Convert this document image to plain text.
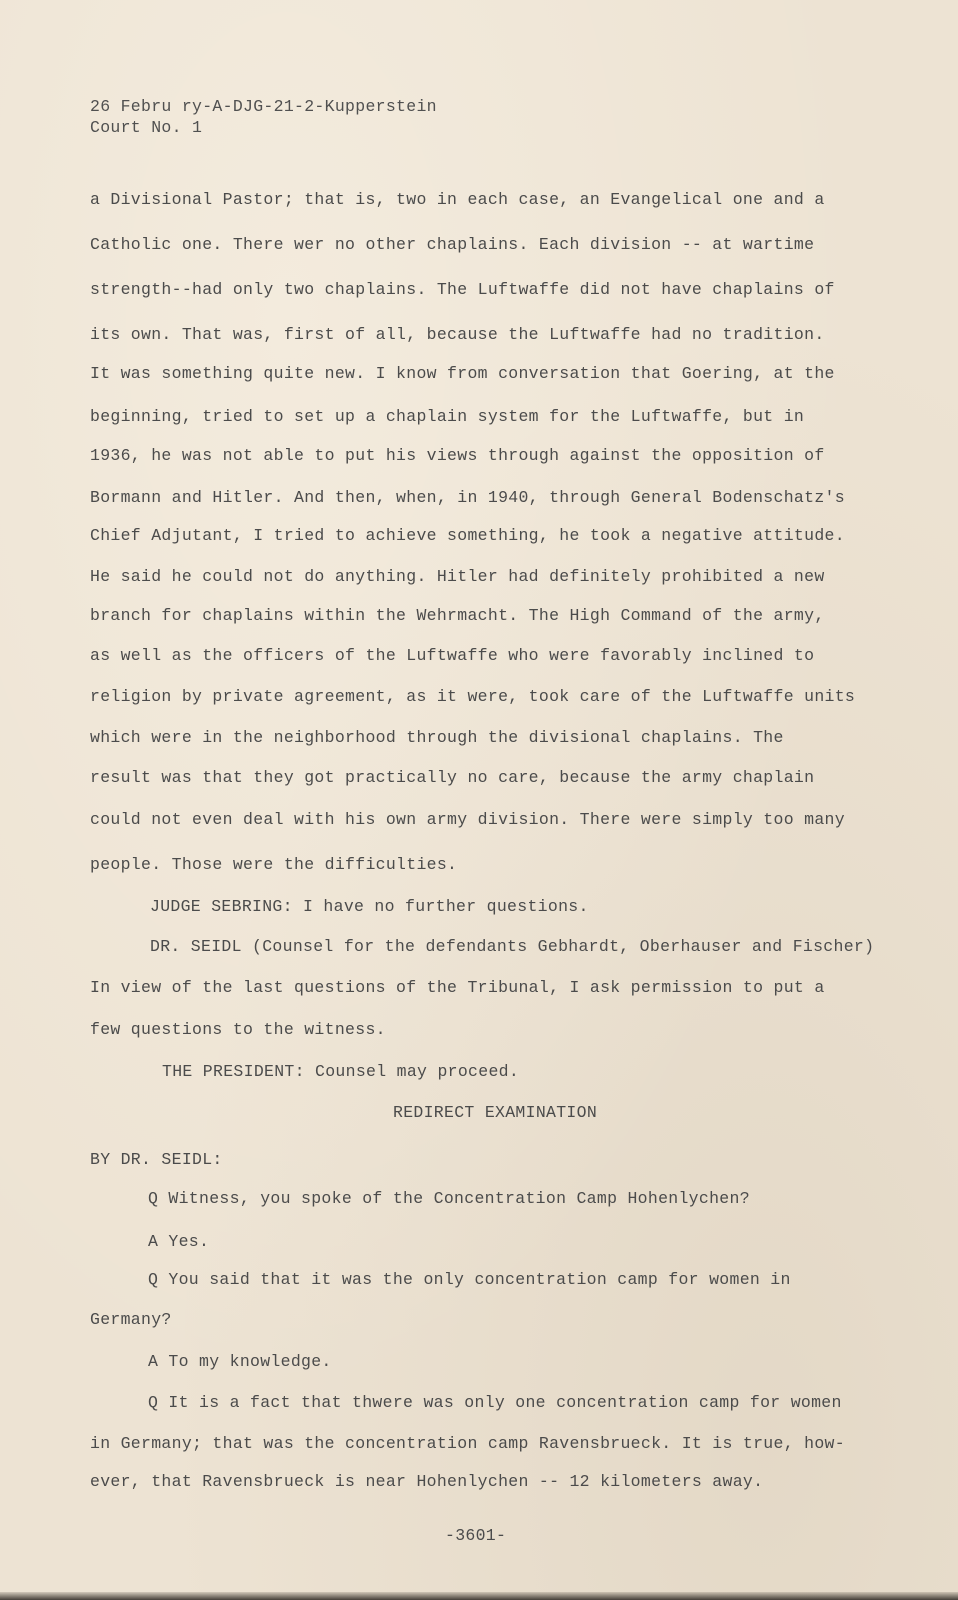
26 Febru ry-A-DJG-21-2-Kupperstein
Court No. 1
a Divisional Pastor; that is, two in each case, an Evangelical one and a
Catholic one. There wer no other chaplains. Each division -- at wartime
strength--had only two chaplains. The Luftwaffe did not have chaplains of
its own. That was, first of all, because the Luftwaffe had no tradition.
It was something quite new. I know from conversation that Goering, at the
beginning, tried to set up a chaplain system for the Luftwaffe, but in
1936, he was not able to put his views through against the opposition of
Bormann and Hitler. And then, when, in 1940, through General Bodenschatz's
Chief Adjutant, I tried to achieve something, he took a negative attitude.
He said he could not do anything. Hitler had definitely prohibited a new
branch for chaplains within the Wehrmacht. The High Command of the army,
as well as the officers of the Luftwaffe who were favorably inclined to
religion by private agreement, as it were, took care of the Luftwaffe units
which were in the neighborhood through the divisional chaplains. The
result was that they got practically no care, because the army chaplain
could not even deal with his own army division. There were simply too many
people. Those were the difficulties.
JUDGE SEBRING: I have no further questions.
DR. SEIDL (Counsel for the defendants Gebhardt, Oberhauser and Fischer)
In view of the last questions of the Tribunal, I ask permission to put a
few questions to the witness.
THE PRESIDENT: Counsel may proceed.
REDIRECT EXAMINATION
BY DR. SEIDL:
Q Witness, you spoke of the Concentration Camp Hohenlychen?
A Yes.
Q You said that it was the only concentration camp for women in
Germany?
A To my knowledge.
Q It is a fact that thwere was only one concentration camp for women
in Germany; that was the concentration camp Ravensbrueck. It is true, how-
ever, that Ravensbrueck is near Hohenlychen -- 12 kilometers away.
-3601-
